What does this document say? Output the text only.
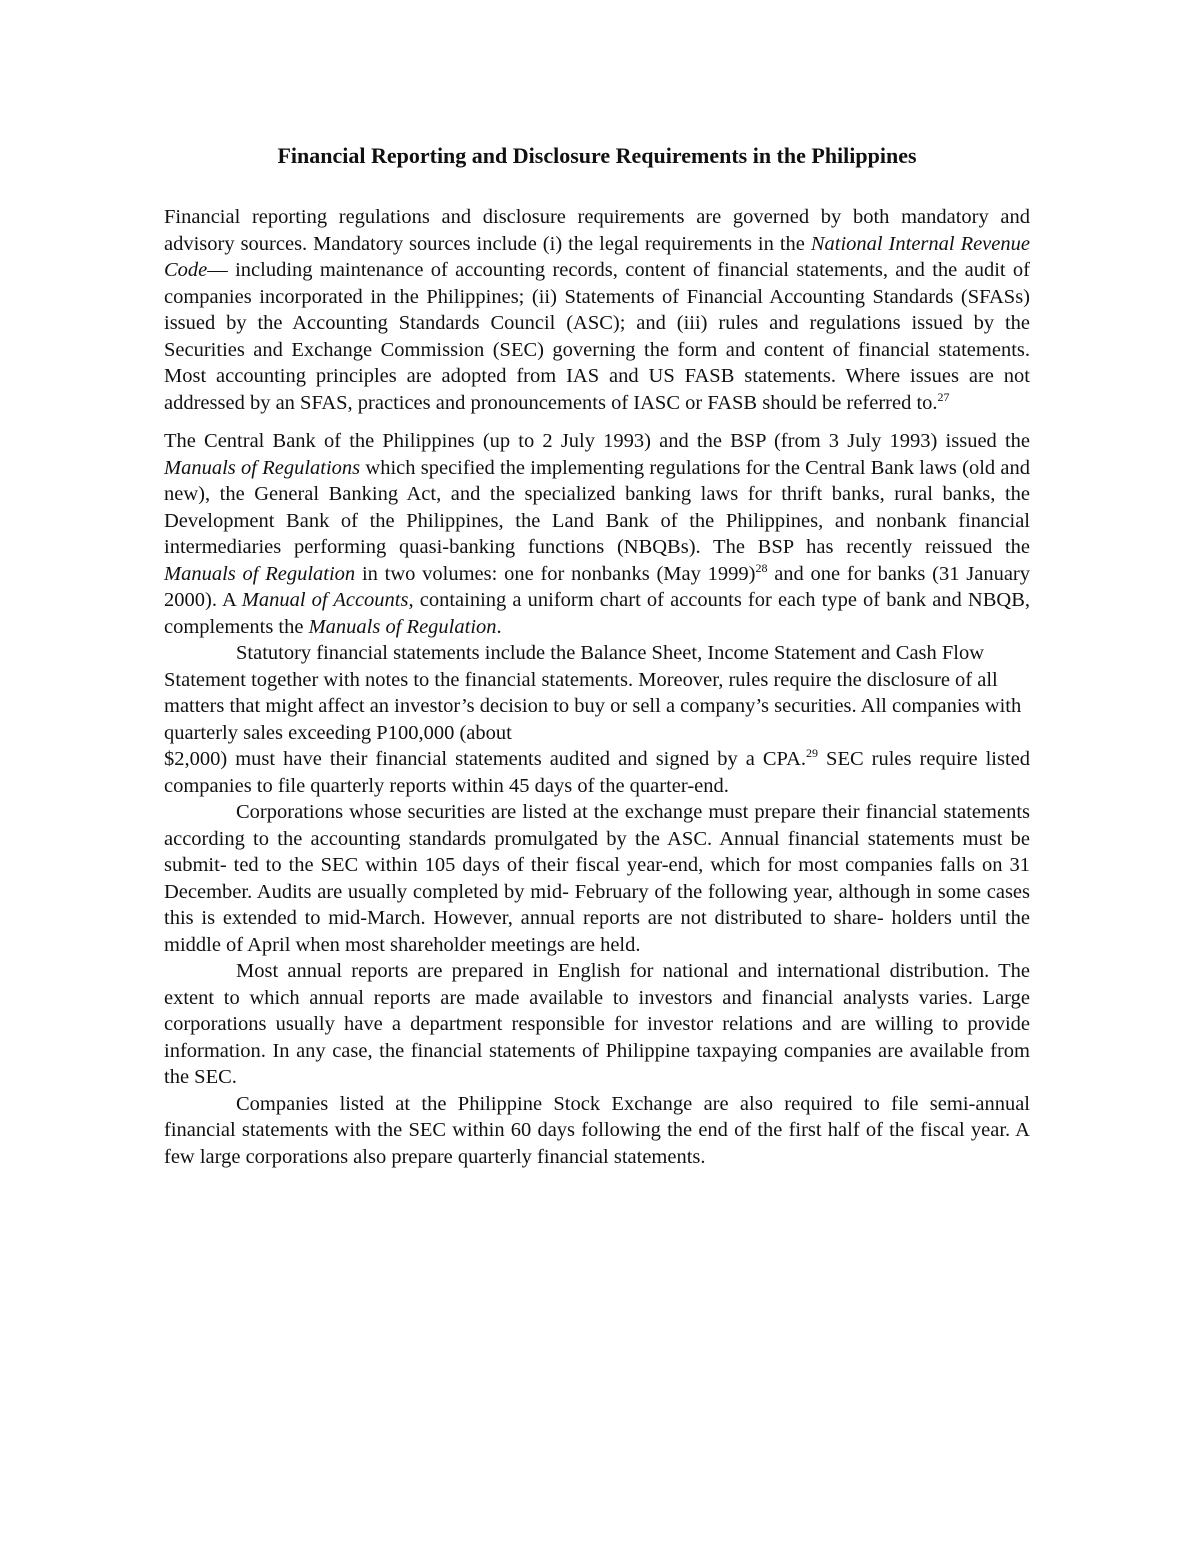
Financial Reporting and Disclosure Requirements in the Philippines

Financial reporting regulations and disclosure requirements are governed by both mandatory and advisory sources. Mandatory sources include (i) the legal requirements in the National Internal Revenue Code— including maintenance of accounting records, content of financial statements, and the audit of companies incorporated in the Philippines; (ii) Statements of Financial Accounting Standards (SFASs) issued by the Accounting Standards Council (ASC); and (iii) rules and regulations issued by the Securities and Exchange Commission (SEC) governing the form and content of financial statements. Most accounting principles are adopted from IAS and US FASB statements. Where issues are not addressed by an SFAS, practices and pronouncements of IASC or FASB should be referred to.$^{27}$

The Central Bank of the Philippines (up to 2 July 1993) and the BSP (from 3 July 1993) issued the Manuals of Regulations which specified the implementing regulations for the Central Bank laws (old and new), the General Banking Act, and the specialized banking laws for thrift banks, rural banks, the Development Bank of the Philippines, the Land Bank of the Philippines, and nonbank financial intermediaries performing quasi-banking functions (NBQBs). The BSP has recently reissued the Manuals of Regulation in two volumes: one for nonbanks (May 1999)$^{28}$ and one for banks (31 January 2000). A Manual of Accounts, containing a uniform chart of accounts for each type of bank and NBQB, complements the Manuals of Regulation.

Statutory financial statements include the Balance Sheet, Income Statement and Cash Flow Statement together with notes to the financial statements. Moreover, rules require the disclosure of all matters that might affect an investor’s decision to buy or sell a company’s securities. All companies with quarterly sales exceeding P100,000 (about

$2,000) must have their financial statements audited and signed by a CPA.$^{29}$ SEC rules require listed companies to file quarterly reports within 45 days of the quarter-end.

Corporations whose securities are listed at the exchange must prepare their financial statements according to the accounting standards promulgated by the ASC. Annual financial statements must be submit- ted to the SEC within 105 days of their fiscal year-end, which for most companies falls on 31 December. Audits are usually completed by mid- February of the following year, although in some cases this is extended to mid-March. However, annual reports are not distributed to share- holders until the middle of April when most shareholder meetings are held.

Most annual reports are prepared in English for national and international distribution. The extent to which annual reports are made available to investors and financial analysts varies. Large corporations usually have a department responsible for investor relations and are willing to provide information. In any case, the financial statements of Philippine taxpaying companies are available from the SEC.

Companies listed at the Philippine Stock Exchange are also required to file semi-annual financial statements with the SEC within 60 days following the end of the first half of the fiscal year. A few large corporations also prepare quarterly financial statements.
